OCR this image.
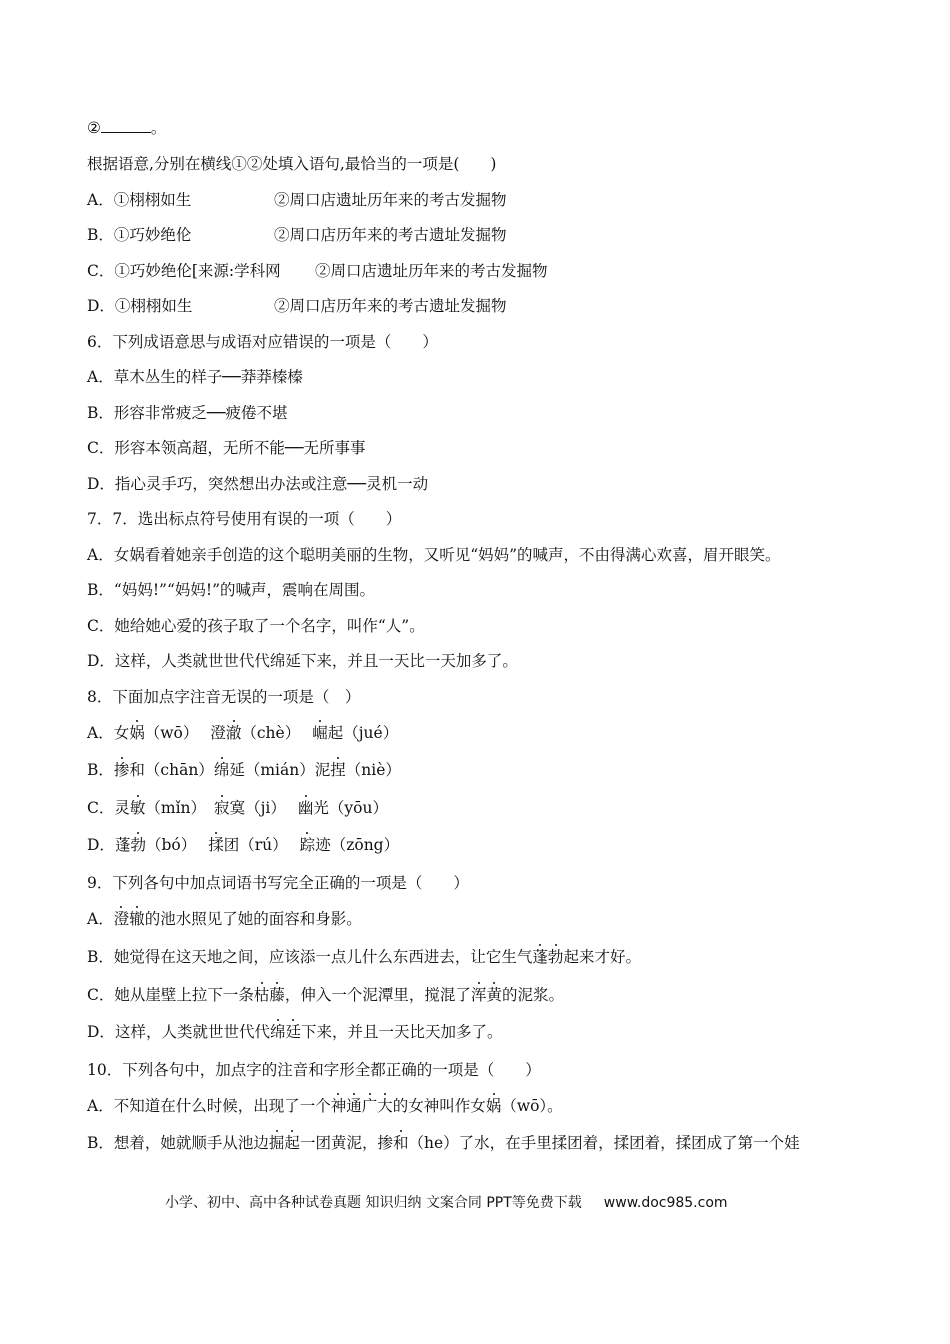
②	。
根据语意,分别在横线①②处填入语句,最恰当的一项是(　　)
A．①栩栩如生	②周口店遗址历年来的考古发掘物
B．①巧妙绝伦	②周口店历年来的考古遗址发掘物
C．①巧妙绝伦[来源:学科网 ②周口店遗址历年来的考古发掘物
D．①栩栩如生	②周口店历年来的考古遗址发掘物
6．下列成语意思与成语对应错误的一项是（　　）
A．草木丛生的样子──莽莽榛榛
B．形容非常疲乏──疲倦不堪
C．形容本领高超，无所不能──无所事事
D．指心灵手巧，突然想出办法或注意──灵机一动
7．7．选出标点符号使用有误的一项（　　）
A．女娲看着她亲手创造的这个聪明美丽的生物，又听见“妈妈”的喊声，不由得满心欢喜，眉开眼笑。
B．“妈妈!”“妈妈!”的喊声，震响在周围。
C．她给她心爱的孩子取了一个名字，叫作“人”。
D．这样，人类就世世代代绵延下来，并且一天比一天加多了。
8．下面加点字注音无误的一项是（　）
A．女娲（wō） 澄澈（chè） 崛起（jué）
B．掺和（chān）绵延（mián）泥捏（niè）
C．灵敏（mǐn） 寂寞（ji） 幽光（yōu）
D．蓬勃（bó） 揉团（rú） 踪迹（zōng）
9．下列各句中加点词语书写完全正确的一项是（　　）
A．澄辙的池水照见了她的面容和身影。
B．她觉得在这天地之间，应该添一点儿什么东西进去，让它生气蓬勃起来才好。
C．她从崖壁上拉下一条枯藤，伸入一个泥潭里，搅混了浑黄的泥浆。
D．这样，人类就世世代代绵廷下来，并且一天比天加多了。
10．下列各句中，加点字的注音和字形全都正确的一项是（　　）
A．不知道在什么时候，出现了一个神通广大的女神叫作女娲（wō）。
B．想着，她就顺手从池边掘起一团黄泥，掺和（he）了水，在手里揉团着，揉团着，揉团成了第一个娃
小学、初中、高中各种试卷真题 知识归纳 文案合同 PPT等免费下载 www.doc985.com
